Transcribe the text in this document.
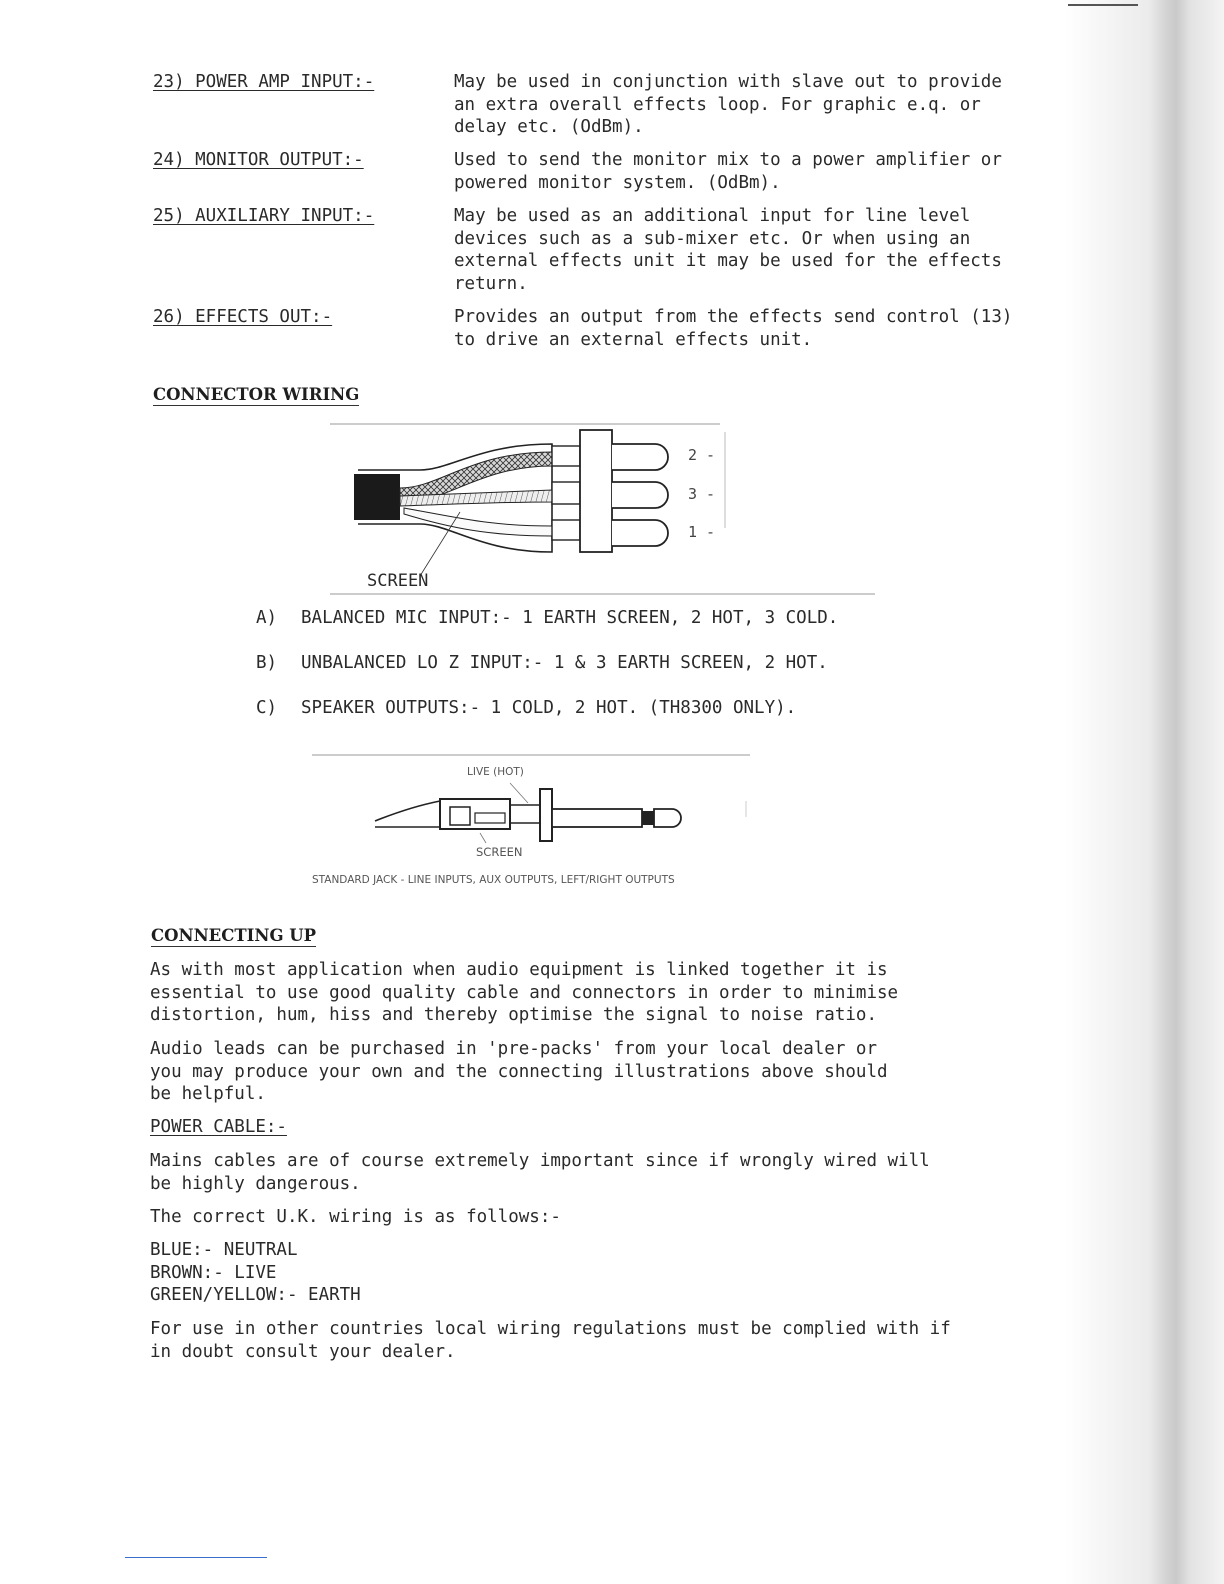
23) POWER AMP INPUT:-	May be used in conjunction with slave out to provide
an extra overall effects loop. For graphic e.q. or
delay etc. (OdBm).
24) MONITOR OUTPUT:-	Used to send the monitor mix to a power amplifier or
powered monitor system. (OdBm).
25) AUXILIARY INPUT:-	May be used as an additional input for line level
devices such as a sub-mixer etc. Or when using an
external effects unit it may be used for the effects
return.
26) EFFECTS OUT:-	Provides an output from the effects send control (13)
to drive an external effects unit.
CONNECTOR WIRING
2 -
3 -
1 -
SCREEN
A) BALANCED MIC INPUT:- 1 EARTH SCREEN, 2 HOT, 3 COLD.
B) UNBALANCED LO Z INPUT:- 1 & 3 EARTH SCREEN, 2 HOT.
C) SPEAKER OUTPUTS:- 1 COLD, 2 HOT. (TH8300 ONLY).
LIVE (HOT)
SCREEN
STANDARD JACK - LINE INPUTS, AUX OUTPUTS, LEFT/RIGHT OUTPUTS
CONNECTING UP
As with most application when audio equipment is linked together it is
essential to use good quality cable and connectors in order to minimise
distortion, hum, hiss and thereby optimise the signal to noise ratio.
Audio leads can be purchased in 'pre-packs' from your local dealer or
you may produce your own and the connecting illustrations above should
be helpful.
POWER CABLE:-
Mains cables are of course extremely important since if wrongly wired will
be highly dangerous.
The correct U.K. wiring is as follows:-
BLUE:- NEUTRAL
BROWN:- LIVE
GREEN/YELLOW:- EARTH
For use in other countries local wiring regulations must be complied with if
in doubt consult your dealer.
